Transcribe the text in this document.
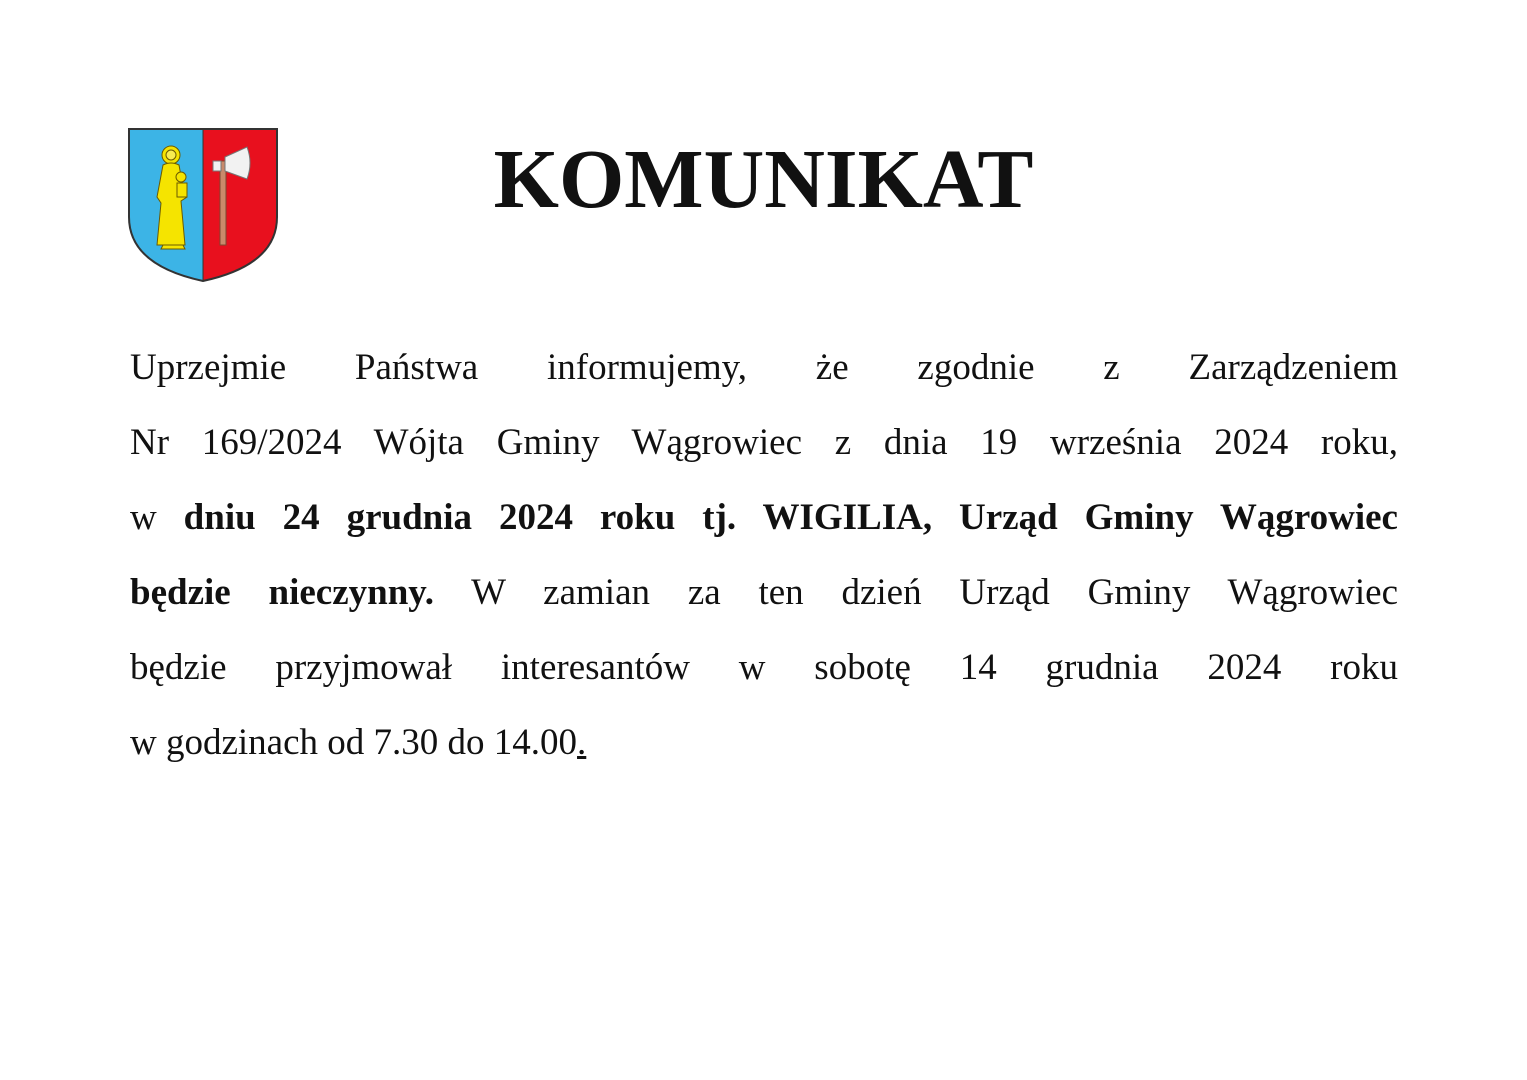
KOMUNIKAT
Uprzejmie Państwa informujemy, że zgodnie z Zarządzeniem
Nr 169/2024 Wójta Gminy Wągrowiec z dnia 19 września 2024 roku,
w dniu 24 grudnia 2024 roku tj. WIGILIA, Urząd Gminy Wągrowiec
będzie nieczynny. W zamian za ten dzień Urząd Gminy Wągrowiec
będzie przyjmował interesantów w sobotę 14 grudnia 2024 roku
w godzinach od 7.30 do 14.00.
